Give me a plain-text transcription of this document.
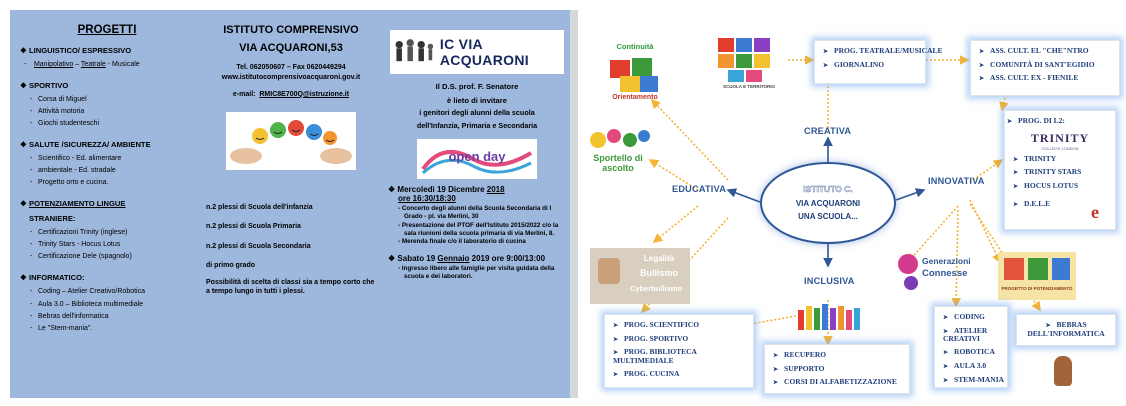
PROGETTI
❖ LINGUISTICO/ ESPRESSIVO
- Manipolativo – Teatrale - Musicale
❖ SPORTIVO
- Corsa di Miguel
- Attività motoria
- Giochi studenteschi
❖ SALUTE /SICUREZZA/ AMBIENTE
- Scientifico - Ed. alimentare
- ambientale - Ed. stradale
- Progetto orto e cucina.
❖ POTENZIAMENTO LINGUE
STRANIERE:
- Certificazioni Trinity (inglese)
- Trinity Stars - Hocus Lotus
- Certificazione Dele (spagnolo)
❖ INFORMATICO:
- Coding – Atelier Creativo/Robotica
- Aula 3.0 – Biblioteca multimediale
- Bebras dell'informatica
- Le "Stem-mania".
ISTITUTO COMPRENSIVO
VIA ACQUARONI,53
Tel. 062050607 – Fax 0620449294
www.istitutocomprensivoacquaroni.gov.it
e-mail: RMIC8E700Q@istruzione.it
n.2 plessi di Scuola dell'infanzia
n.2 plessi di Scuola Primaria
n.2 plessi di Scuola Secondaria
di primo grado
Possibilità di scelta di classi sia a tempo corto che a tempo lungo in tutti i plessi.
IC VIA ACQUARONI
Il D.S. prof. F. Senatore
è lieto di invitare
i genitori degli alunni della scuola
dell'Infanzia, Primaria e Secondaria
open day
❖ Mercoledì 19 Dicembre 2018
ore 16:30/18:30
- Concerto degli alunni della Scuola Secondaria di I Grado - pl. via Merlini, 30
- Presentazione del PTOF dell'Istituto 2015/2022 c/o la sala riunioni della scuola primaria di via Merlini, 8.
- Merenda finale c/o il laboratorio di cucina
❖ Sabato 19 Gennaio 2019 ore 9:00/13:00
- Ingresso libero alle famiglie per visita guidata della scuola e dei laboratori.
Continuità
Orientamento
SCUOLA E TERRITORIO
➤ PROG. TEATRALE/MUSICALE
➤ GIORNALINO
➤ ASS. CULT. EL "CHE"NTRO
➤ COMUNITÀ DI SANT'EGIDIO
➤ ASS. CULT. EX - FIENILE
➤ PROG. DI L2:
TRINITY
COLLEGE LONDON
➤ TRINITY
➤ TRINITY STARS
➤ HOCUS LOTUS
➤ D.E.L.E	e
Sportello di ascolto
Legalità
Bullismo
Cyberbullismo
ISTITUTO C.
VIA ACQUARONI
UNA SCUOLA...
CREATIVA
EDUCATIVA
INNOVATIVA
INCLUSIVA
Generazioni
Connesse
PROGETTO DI POTENZIAMENTO
➤ PROG. SCIENTIFICO
➤ PROG. SPORTIVO
➤ PROG. BIBLIOTECA MULTIMEDIALE
➤ PROG. CUCINA
➤ RECUPERO
➤ SUPPORTO
➤ CORSI DI ALFABETIZZAZIONE
➤ CODING
➤ ATELIER CREATIVI
➤ ROBOTICA
➤ AULA 3.0
➤ STEM-MANIA
➤ BEBRAS DELL'INFORMATICA
